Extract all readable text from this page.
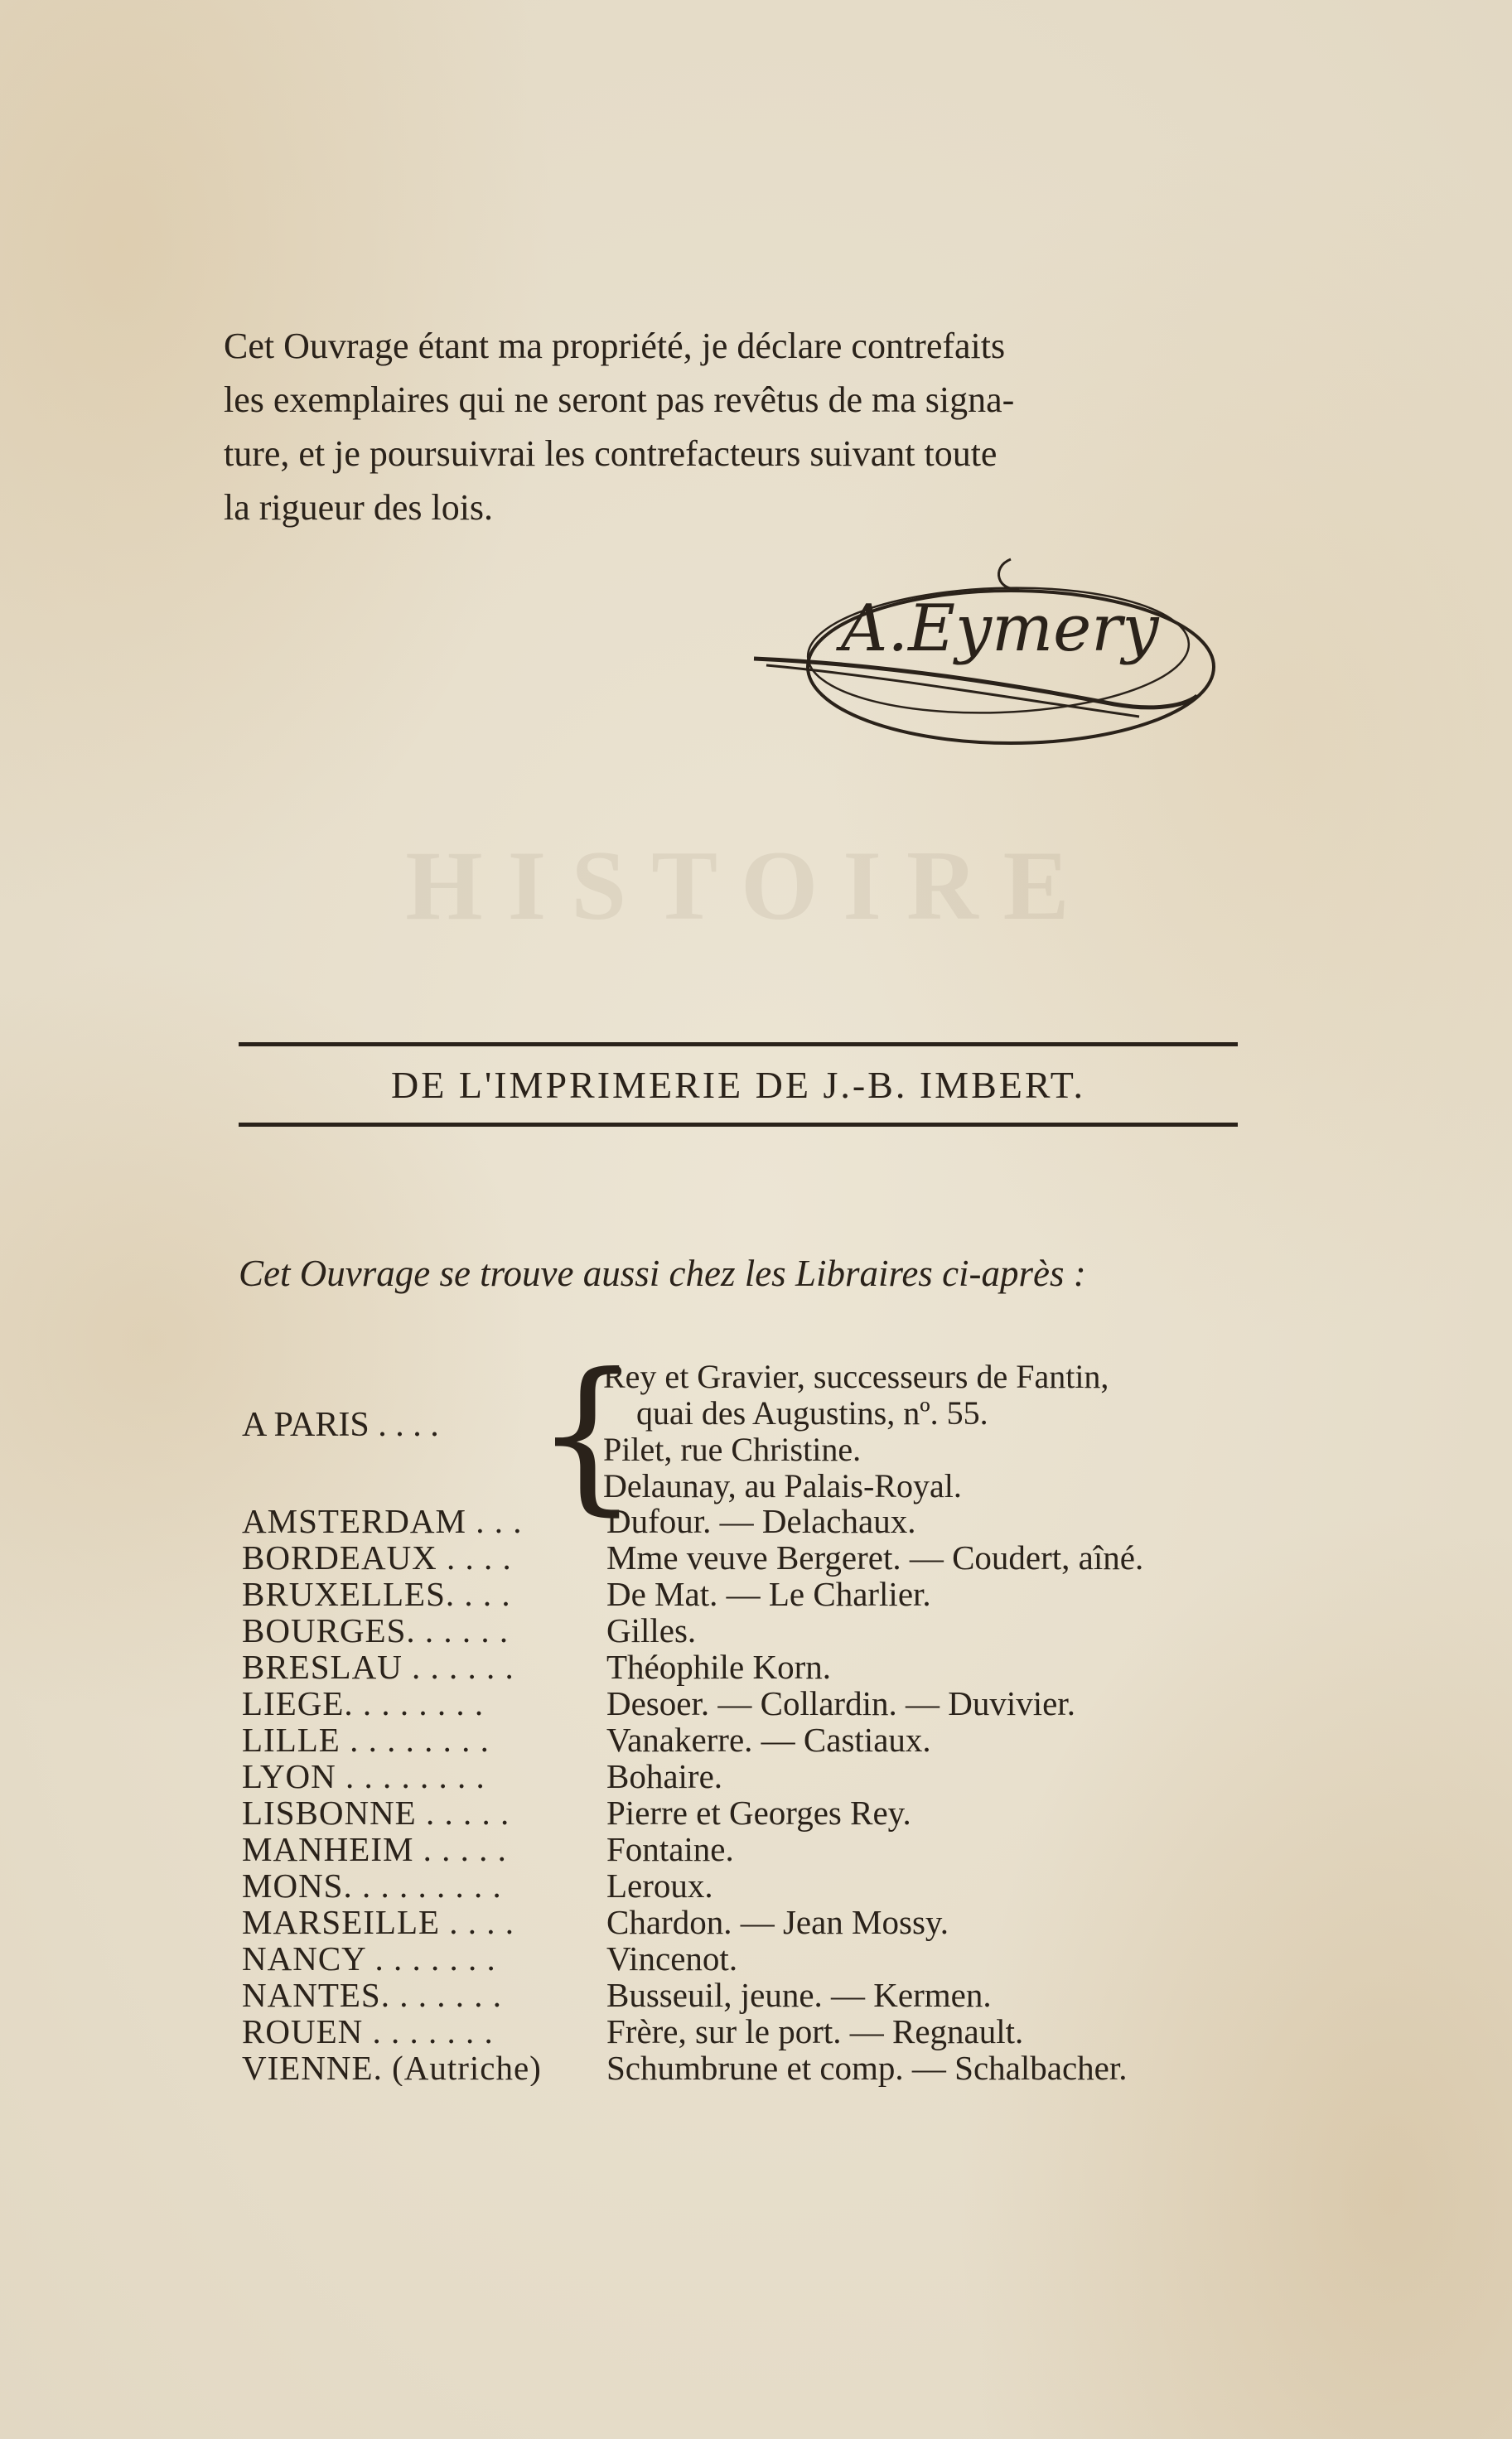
HISTOIRE
Cet Ouvrage étant ma propriété, je déclare contrefaits
les exemplaires qui ne seront pas revêtus de ma signa-
ture, et je poursuivrai les contrefacteurs suivant toute
la rigueur des lois.
A.Eymery
DE L'IMPRIMERIE DE J.-B. IMBERT.
Cet Ouvrage se trouve aussi chez les Libraires ci-après :
A PARIS . . . . {
Rey et Gravier, successeurs de Fantin,
quai des Augustins, nº. 55.
Pilet, rue Christine.
Delaunay, au Palais-Royal.
AMSTERDAM . . .	Dufour. — Delachaux.
BORDEAUX . . . .	Mme veuve Bergeret. — Coudert, aîné.
BRUXELLES. . . .	De Mat. — Le Charlier.
BOURGES. . . . . .	Gilles.
BRESLAU . . . . . .	Théophile Korn.
LIEGE. . . . . . . .	Desoer. — Collardin. — Duvivier.
LILLE . . . . . . . .	Vanakerre. — Castiaux.
LYON . . . . . . . .	Bohaire.
LISBONNE . . . . .	Pierre et Georges Rey.
MANHEIM . . . . .	Fontaine.
MONS. . . . . . . . .	Leroux.
MARSEILLE . . . .	Chardon. — Jean Mossy.
NANCY . . . . . . .	Vincenot.
NANTES. . . . . . .	Busseuil, jeune. — Kermen.
ROUEN . . . . . . .	Frère, sur le port. — Regnault.
VIENNE. (Autriche)	Schumbrune et comp. — Schalbacher.
